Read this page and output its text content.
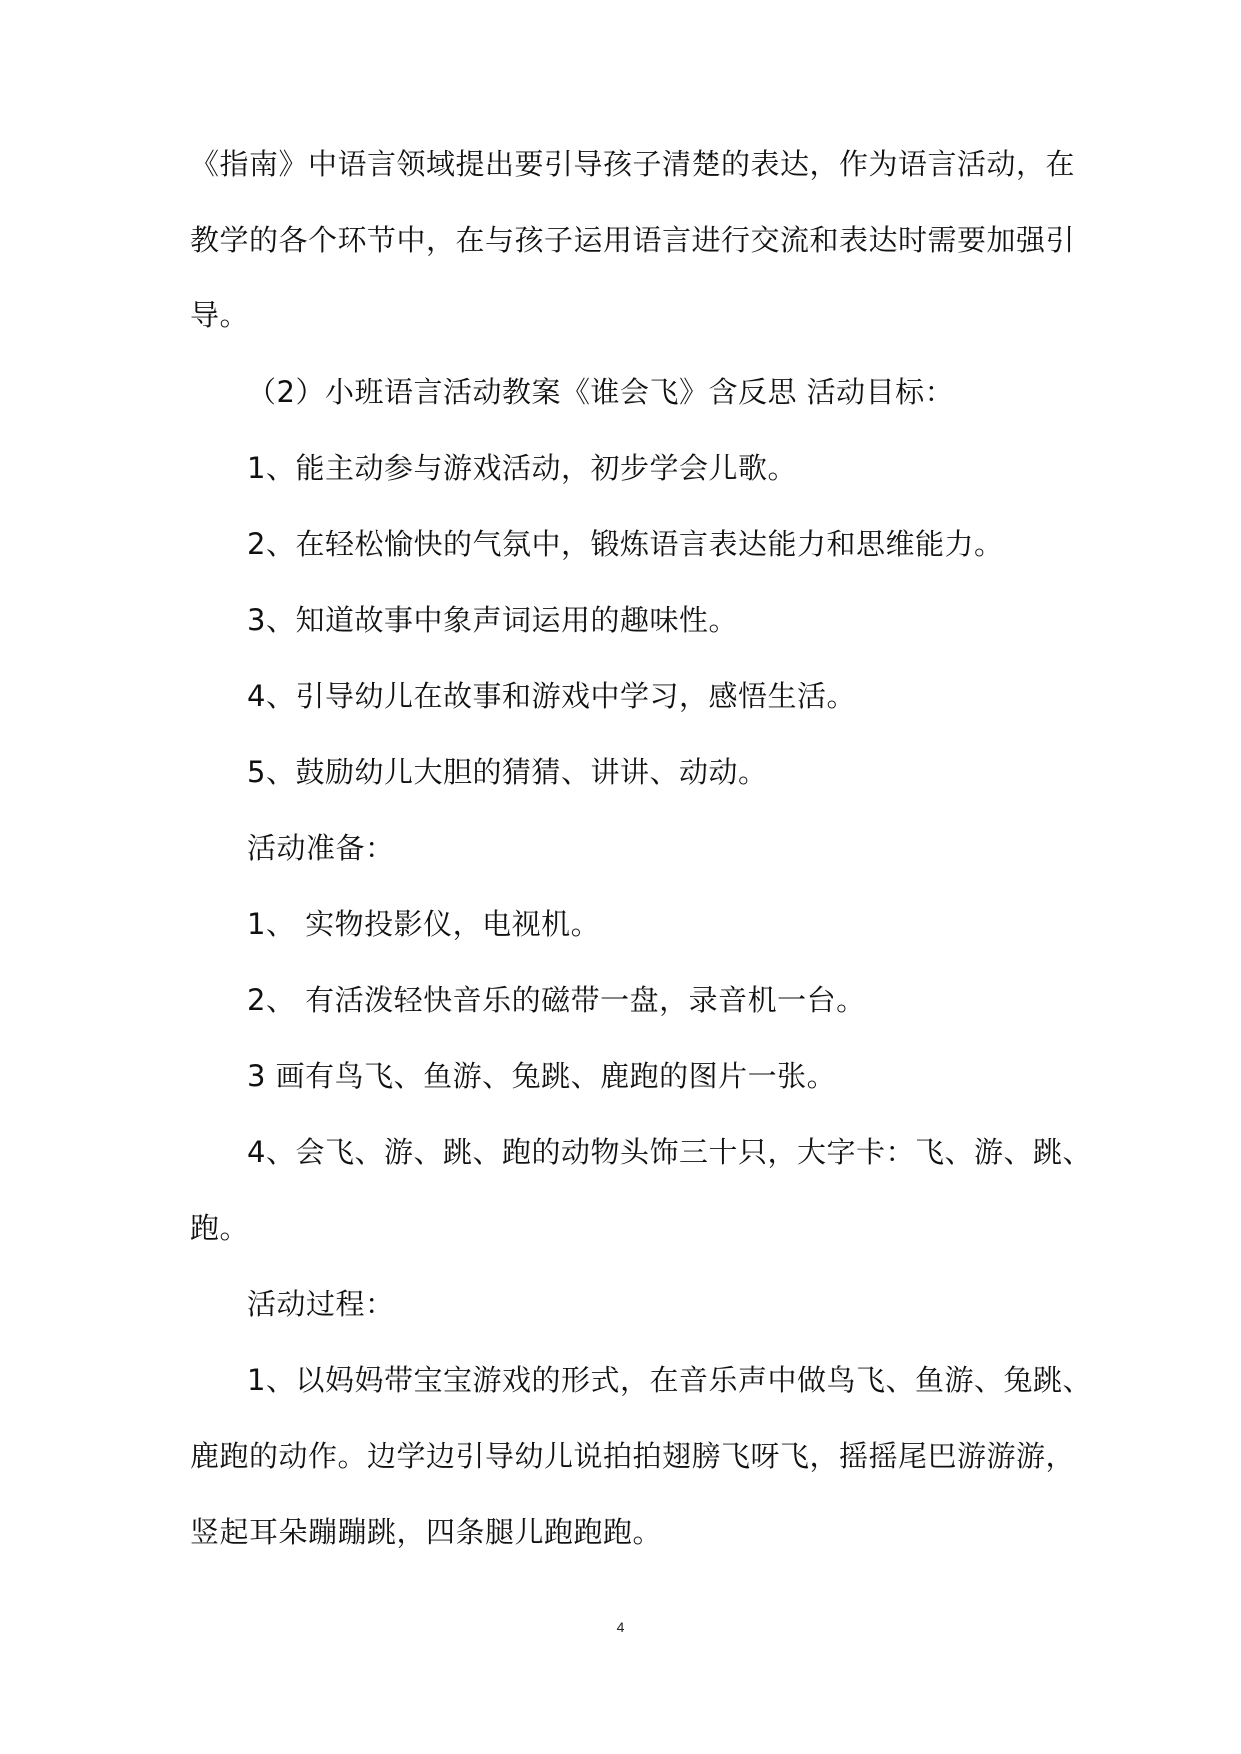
《指南》中语言领域提出要引导孩子清楚的表达，作为语言活动，在
教学的各个环节中，在与孩子运用语言进行交流和表达时需要加强引
导。
（2）小班语言活动教案《谁会飞》含反思 活动目标：
1、能主动参与游戏活动，初步学会儿歌。
2、在轻松愉快的气氛中，锻炼语言表达能力和思维能力。
3、知道故事中象声词运用的趣味性。
4、引导幼儿在故事和游戏中学习，感悟生活。
5、鼓励幼儿大胆的猜猜、讲讲、动动。
活动准备：
1、 实物投影仪，电视机。
2、 有活泼轻快音乐的磁带一盘，录音机一台。
3 画有鸟飞、鱼游、兔跳、鹿跑的图片一张。
4、会飞、游、跳、跑的动物头饰三十只，大字卡：飞、游、跳、
跑。
活动过程：
1、以妈妈带宝宝游戏的形式，在音乐声中做鸟飞、鱼游、兔跳、
鹿跑的动作。边学边引导幼儿说拍拍翅膀飞呀飞，摇摇尾巴游游游，
竖起耳朵蹦蹦跳，四条腿儿跑跑跑。
4
